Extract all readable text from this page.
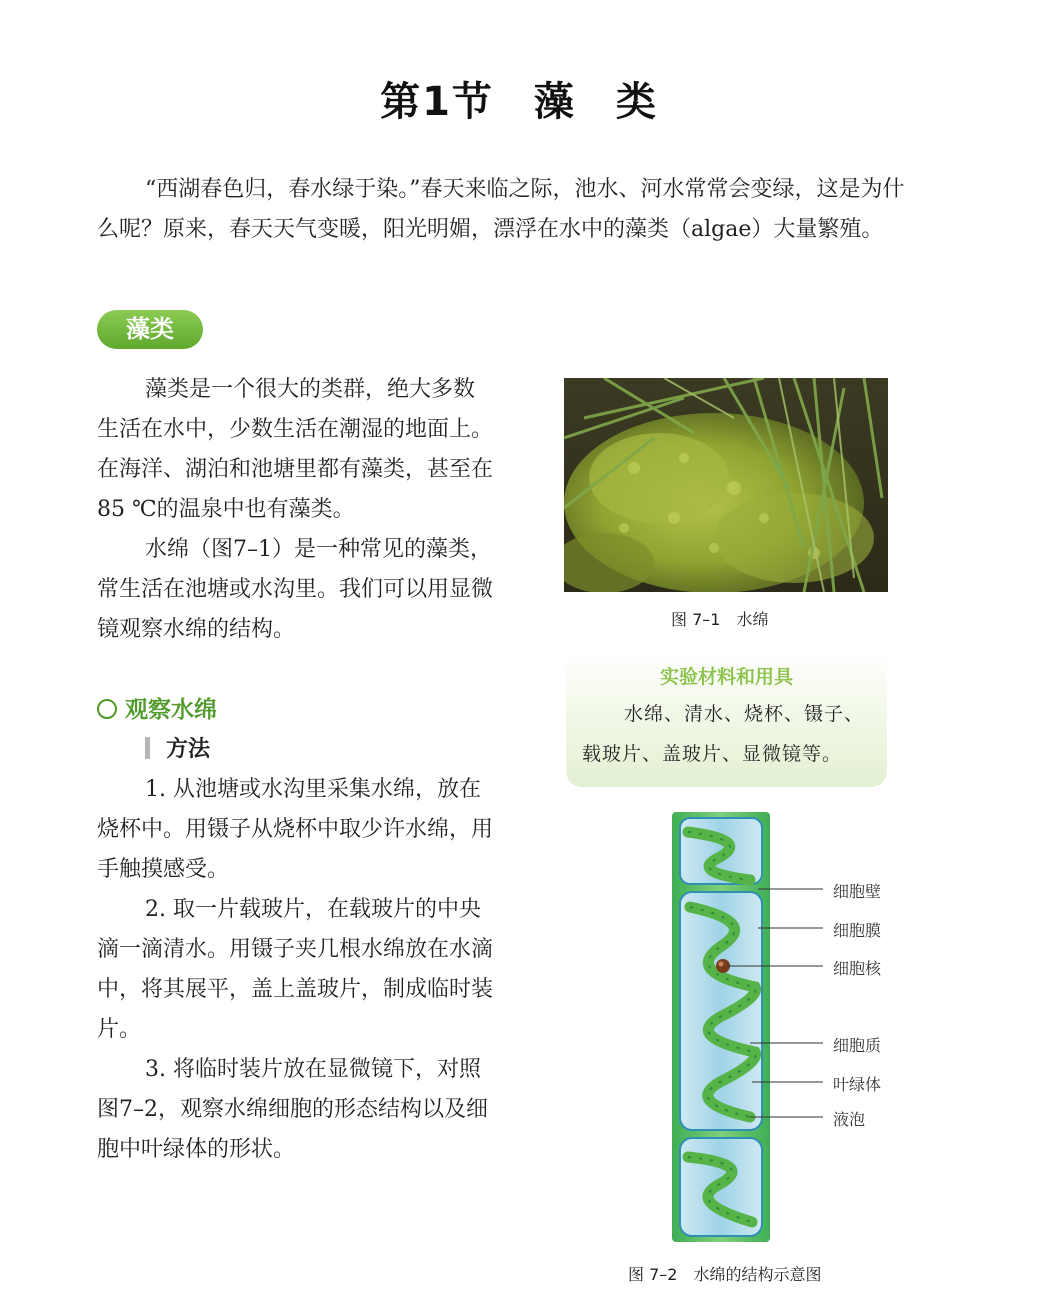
第1节 藻 类
“西湖春色归，春水绿于染。”春天来临之际，池水、河水常常会变绿，这是为什么呢？原来，春天天气变暖，阳光明媚，漂浮在水中的藻类（algae）大量繁殖。
藻类
藻类是一个很大的类群，绝大多数生活在水中，少数生活在潮湿的地面上。在海洋、湖泊和池塘里都有藻类，甚至在85 ℃的温泉中也有藻类。
水绵（图7–1）是一种常见的藻类，常生活在池塘或水沟里。我们可以用显微镜观察水绵的结构。
观察水绵
方法
1. 从池塘或水沟里采集水绵，放在烧杯中。用镊子从烧杯中取少许水绵，用手触摸感受。
2. 取一片载玻片，在载玻片的中央滴一滴清水。用镊子夹几根水绵放在水滴中，将其展平，盖上盖玻片，制成临时装片。
3. 将临时装片放在显微镜下，对照图7–2，观察水绵细胞的形态结构以及细胞中叶绿体的形状。
图 7–1　水绵
实验材料和用具
水绵、清水、烧杯、镊子、
载玻片、盖玻片、显微镜等。
细胞壁
细胞膜
细胞核
细胞质
叶绿体
液泡
图 7–2　水绵的结构示意图
